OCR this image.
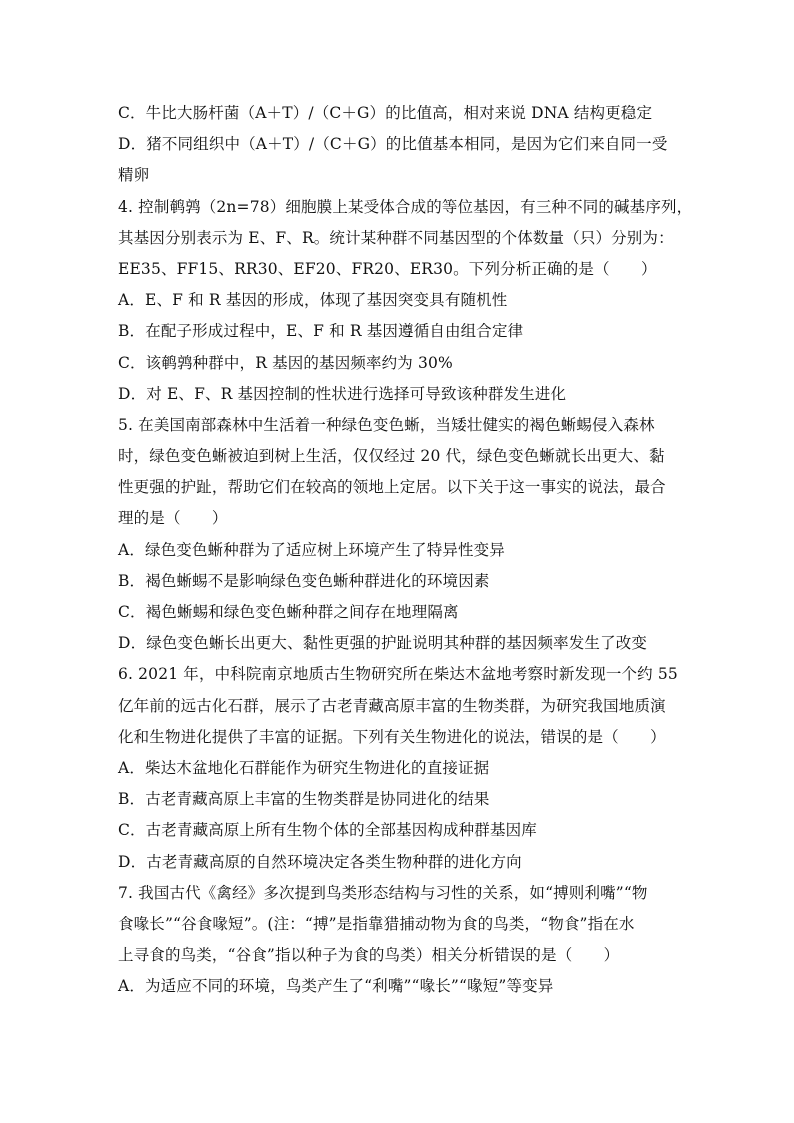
C．牛比大肠杆菌（A＋T）/（C＋G）的比值高，相对来说 DNA 结构更稳定
D．猪不同组织中（A＋T）/（C＋G）的比值基本相同，是因为它们来自同一受
精卵
4. 控制鹌鹑（2n=78）细胞膜上某受体合成的等位基因，有三种不同的碱基序列，
其基因分别表示为 E、F、R。统计某种群不同基因型的个体数量（只）分别为：
EE35、FF15、RR30、EF20、FR20、ER30。下列分析正确的是（　　）
A．E、F 和 R 基因的形成，体现了基因突变具有随机性
B．在配子形成过程中，E、F 和 R 基因遵循自由组合定律
C．该鹌鹑种群中，R 基因的基因频率约为 30%
D．对 E、F、R 基因控制的性状进行选择可导致该种群发生进化
5. 在美国南部森林中生活着一种绿色变色蜥，当矮壮健实的褐色蜥蜴侵入森林
时，绿色变色蜥被迫到树上生活，仅仅经过 20 代，绿色变色蜥就长出更大、黏
性更强的护趾，帮助它们在较高的领地上定居。以下关于这一事实的说法，最合
理的是（　　）
A．绿色变色蜥种群为了适应树上环境产生了特异性变异
B．褐色蜥蜴不是影响绿色变色蜥种群进化的环境因素
C．褐色蜥蜴和绿色变色蜥种群之间存在地理隔离
D．绿色变色蜥长出更大、黏性更强的护趾说明其种群的基因频率发生了改变
6. 2021 年，中科院南京地质古生物研究所在柴达木盆地考察时新发现一个约 55
亿年前的远古化石群，展示了古老青藏高原丰富的生物类群，为研究我国地质演
化和生物进化提供了丰富的证据。下列有关生物进化的说法，错误的是（　　）
A．柴达木盆地化石群能作为研究生物进化的直接证据
B．古老青藏高原上丰富的生物类群是协同进化的结果
C．古老青藏高原上所有生物个体的全部基因构成种群基因库
D．古老青藏高原的自然环境决定各类生物种群的进化方向
7. 我国古代《禽经》多次提到鸟类形态结构与习性的关系，如“搏则利嘴”“物
食喙长”“谷食喙短”。(注：“搏”是指靠猎捕动物为食的鸟类，“物食”指在水
上寻食的鸟类，“谷食”指以种子为食的鸟类）相关分析错误的是（　　）
A．为适应不同的环境，鸟类产生了“利嘴”“喙长”“喙短”等变异
